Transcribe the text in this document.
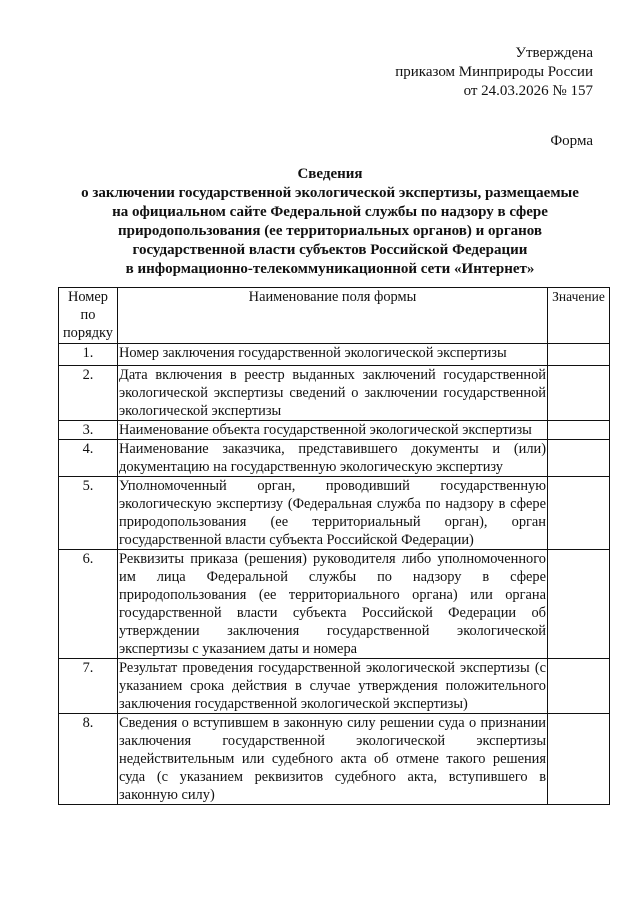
Утверждена
приказом Минприроды России
от 24.03.2026 № 157
Форма
Сведения
о заключении государственной экологической экспертизы, размещаемые
на официальном сайте Федеральной службы по надзору в сфере
природопользования (ее территориальных органов) и органов
государственной власти субъектов Российской Федерации
в информационно-телекоммуникационной сети «Интернет»
Номер
по
порядку	Наименование поля формы	Значение
1.	Номер заключения государственной экологической экспертизы	
2.	Дата включения в реестр выданных заключений государственной экологической экспертизы сведений о заключении государственной экологической экспертизы	
3.	Наименование объекта государственной экологической экспертизы	
4.	Наименование заказчика, представившего документы и (или) документацию на государственную экологическую экспертизу	
5.	Уполномоченный орган, проводивший государственную экологическую экспертизу (Федеральная служба по надзору в сфере природопользования (ее территориальный орган), орган государственной власти субъекта Российской Федерации)	
6.	Реквизиты приказа (решения) руководителя либо уполномоченного им лица Федеральной службы по надзору в сфере природопользования (ее территориального органа) или органа государственной власти субъекта Российской Федерации об утверждении заключения государственной экологической экспертизы с указанием даты и номера	
7.	Результат проведения государственной экологической экспертизы (с указанием срока действия в случае утверждения положительного заключения государственной экологической экспертизы)	
8.	Сведения о вступившем в законную силу решении суда о признании заключения государственной экологической экспертизы недействительным или судебного акта об отмене такого решения суда (с указанием реквизитов судебного акта, вступившего в законную силу)	
